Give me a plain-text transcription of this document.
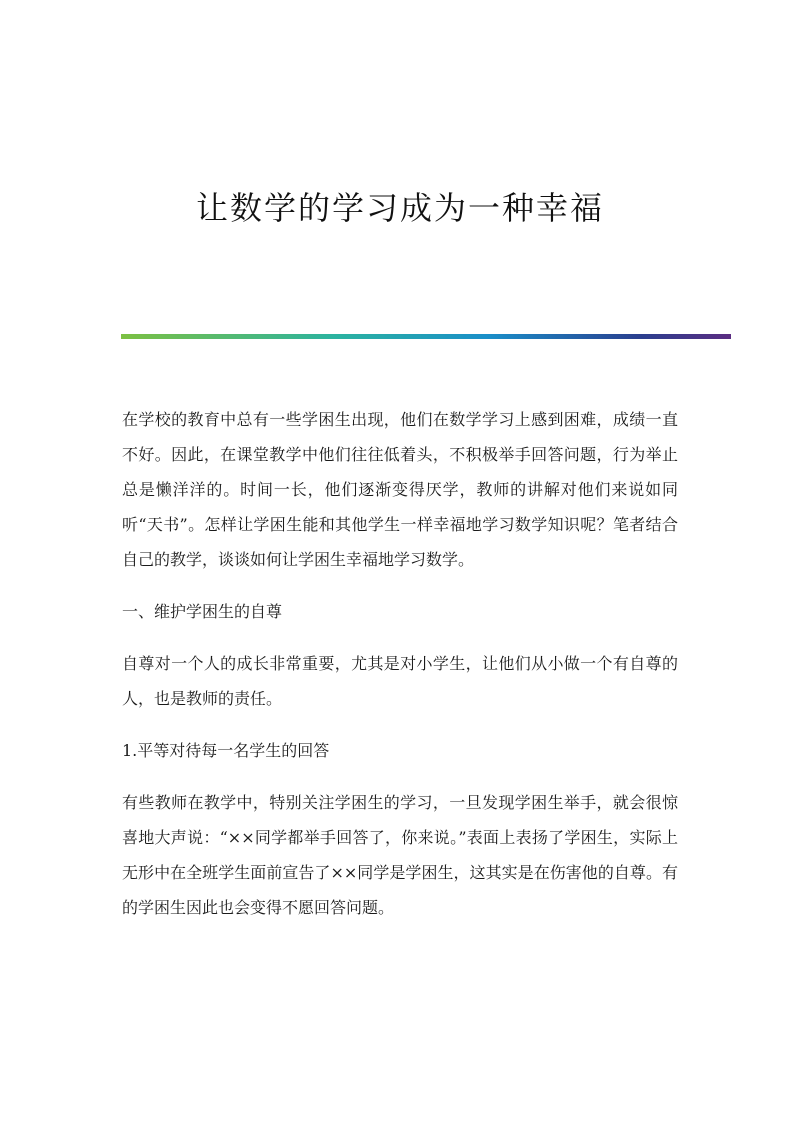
让数学的学习成为一种幸福

在学校的教育中总有一些学困生出现，他们在数学学习上感到困难，成绩一直不好。因此，在课堂教学中他们往往低着头，不积极举手回答问题，行为举止总是懒洋洋的。时间一长，他们逐渐变得厌学，教师的讲解对他们来说如同听“天书”。怎样让学困生能和其他学生一样幸福地学习数学知识呢？笔者结合自己的教学，谈谈如何让学困生幸福地学习数学。

一、维护学困生的自尊

自尊对一个人的成长非常重要，尤其是对小学生，让他们从小做一个有自尊的人，也是教师的责任。

1.平等对待每一名学生的回答

有些教师在教学中，特别关注学困生的学习，一旦发现学困生举手，就会很惊喜地大声说：“××同学都举手回答了，你来说。”表面上表扬了学困生，实际上无形中在全班学生面前宣告了××同学是学困生，这其实是在伤害他的自尊。有的学困生因此也会变得不愿回答问题。
